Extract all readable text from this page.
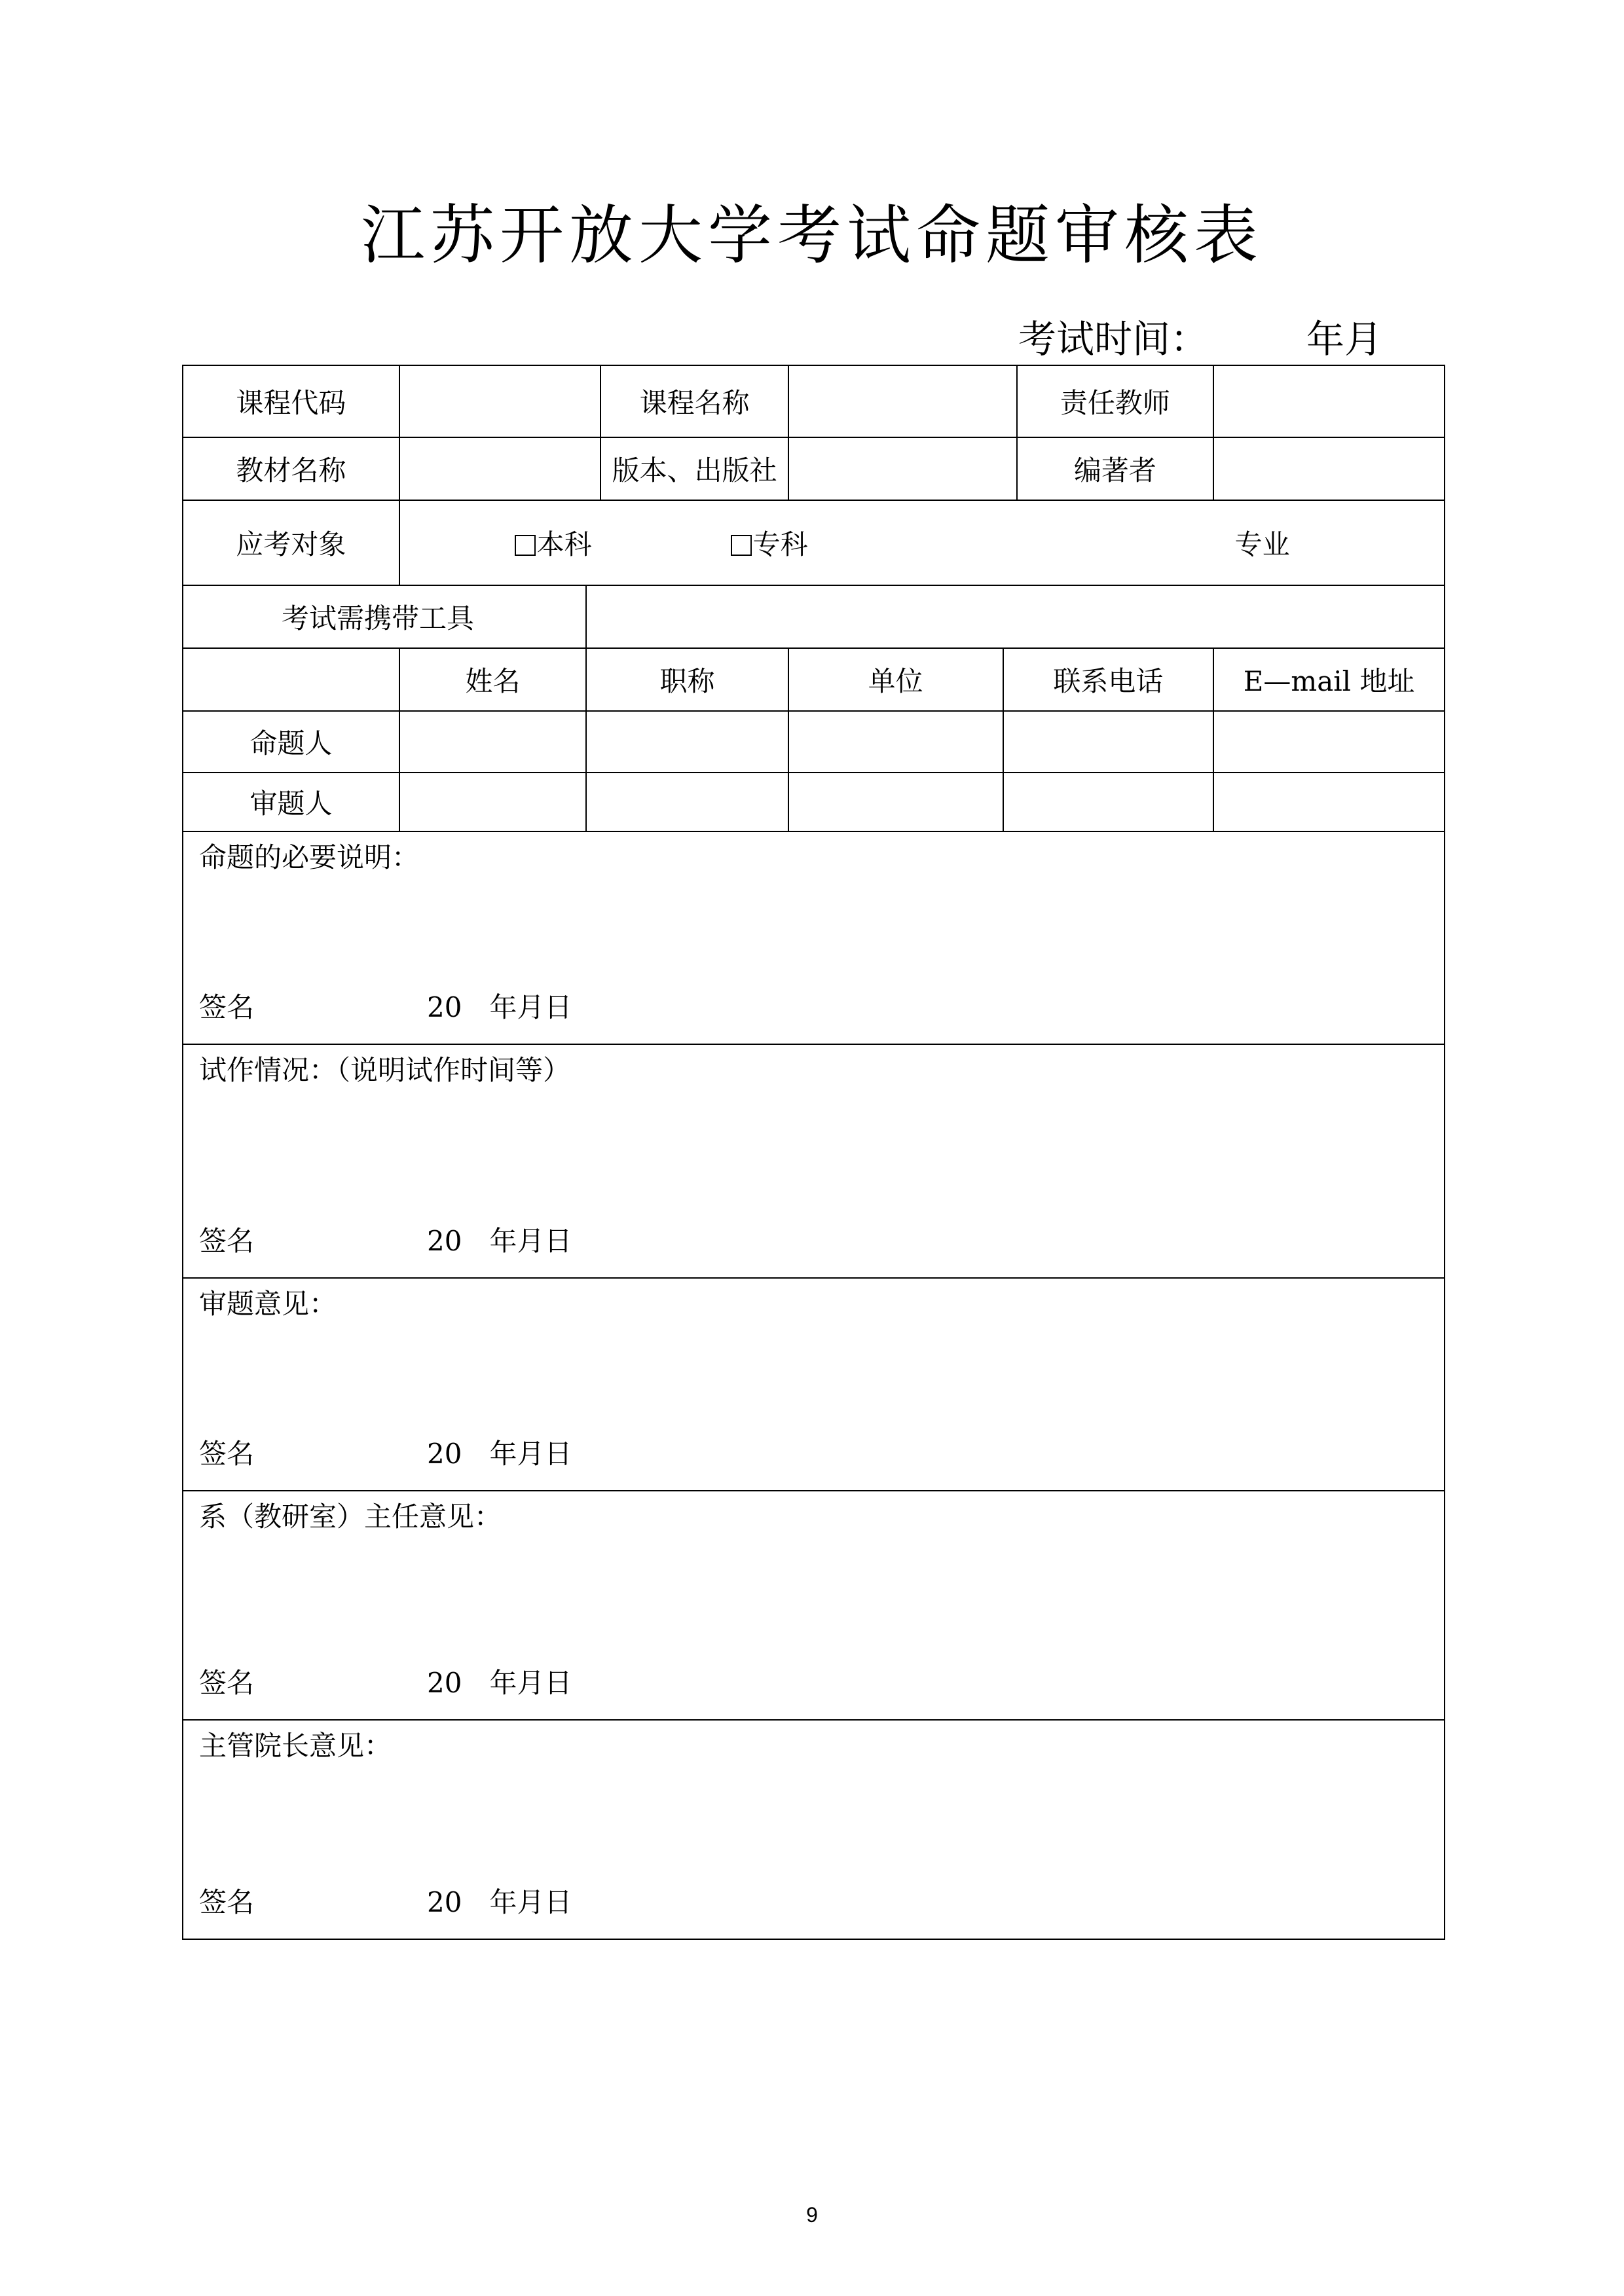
江苏开放大学考试命题审核表
考试时间：	年月
课程代码			课程名称			责任教师	
教材名称			版本、出版社			编著者	
应考对象	本科 专科 专业						

考试需携带工具							
	姓名	职称		单位	联系电话		E—mail 地址
命题人							
审题人							

命题的必要说明：
签名 20　年月日							

试作情况：（说明试作时间等）
签名 20　年月日							

审题意见：
签名 20　年月日							

系（教研室）主任意见：
签名 20　年月日							

主管院长意见：
签名 20　年月日							
9
